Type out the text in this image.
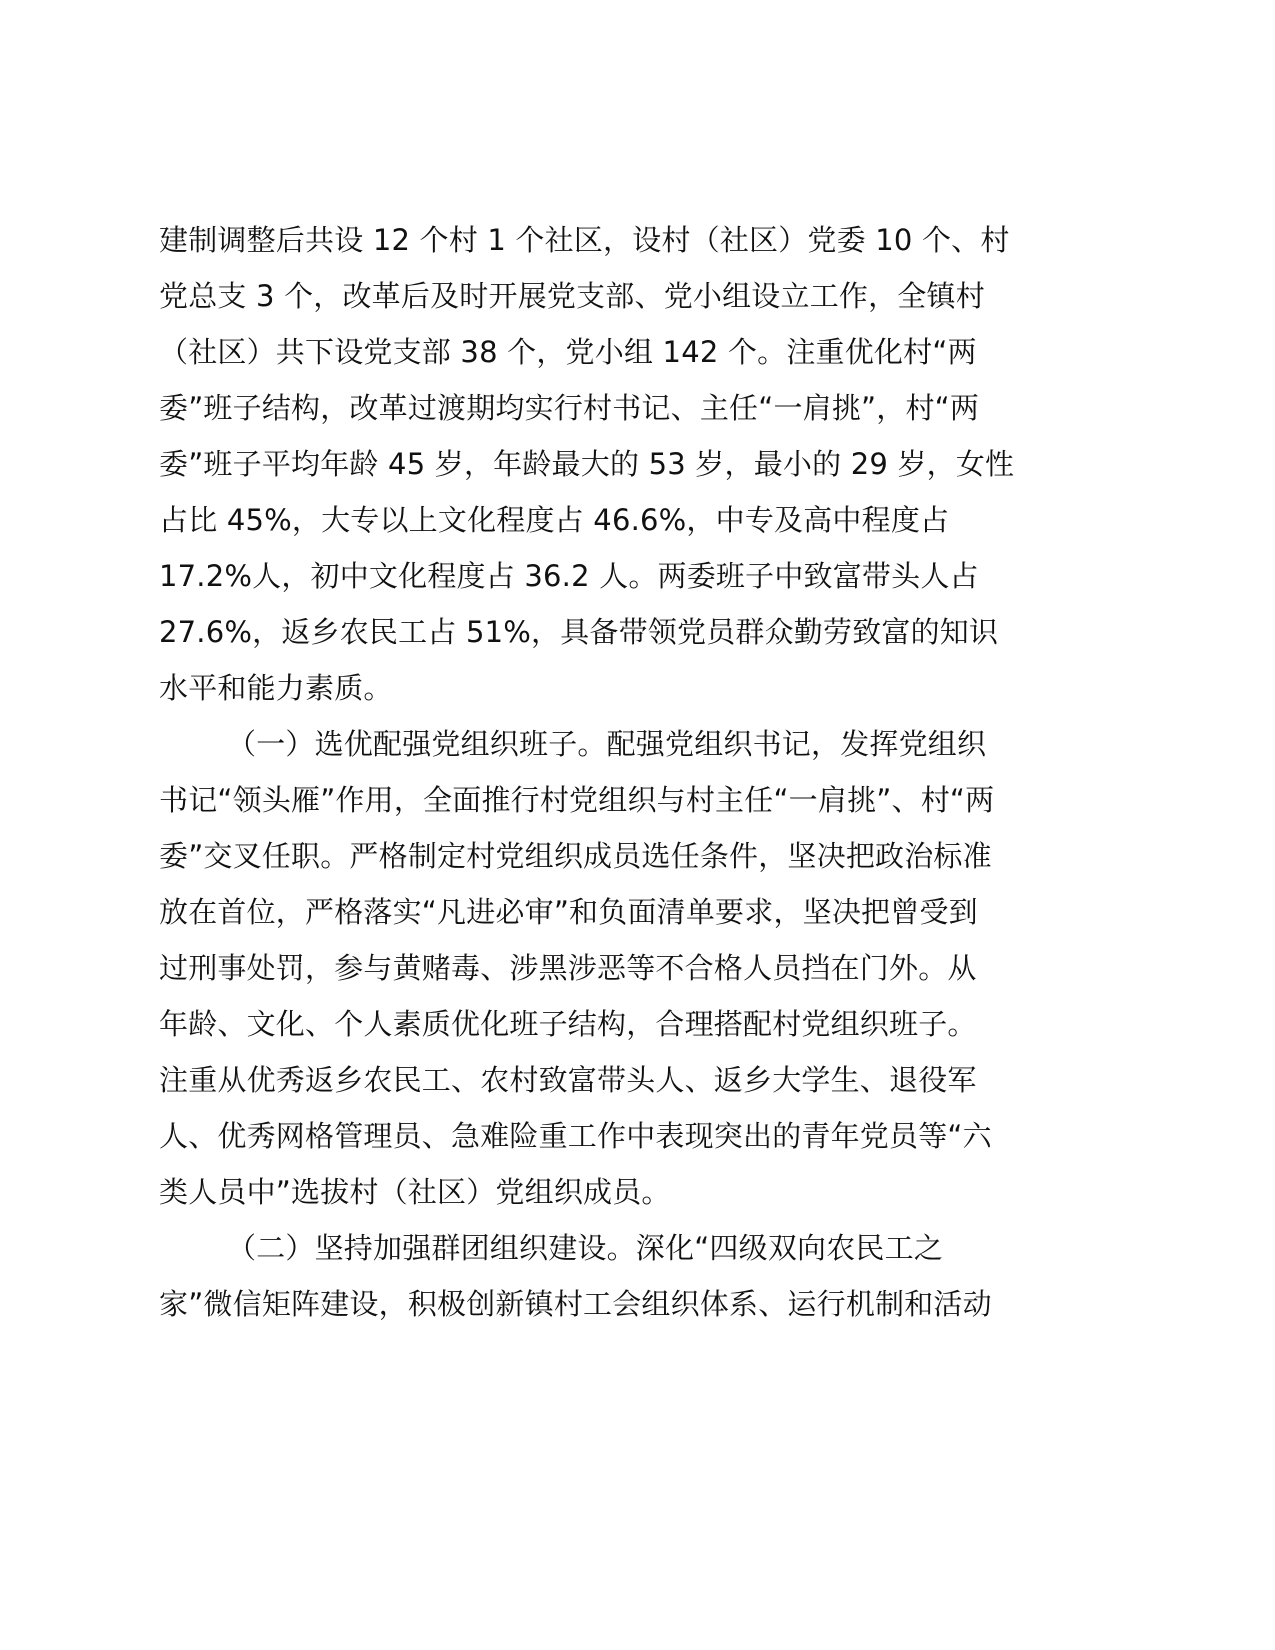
建制调整后共设 12 个村 1 个社区，设村（社区）党委 10 个、村
党总支 3 个，改革后及时开展党支部、党小组设立工作，全镇村
（社区）共下设党支部 38 个，党小组 142 个。注重优化村“两
委”班子结构，改革过渡期均实行村书记、主任“一肩挑”，村“两
委”班子平均年龄 45 岁，年龄最大的 53 岁，最小的 29 岁，女性
占比 45%，大专以上文化程度占 46.6%，中专及高中程度占
17.2%人，初中文化程度占 36.2 人。两委班子中致富带头人占
27.6%，返乡农民工占 51%，具备带领党员群众勤劳致富的知识
水平和能力素质。
（一）选优配强党组织班子。配强党组织书记，发挥党组织
书记“领头雁”作用，全面推行村党组织与村主任“一肩挑”、村“两
委”交叉任职。严格制定村党组织成员选任条件，坚决把政治标准
放在首位，严格落实“凡进必审”和负面清单要求，坚决把曾受到
过刑事处罚，参与黄赌毒、涉黑涉恶等不合格人员挡在门外。从
年龄、文化、个人素质优化班子结构，合理搭配村党组织班子。
注重从优秀返乡农民工、农村致富带头人、返乡大学生、退役军
人、优秀网格管理员、急难险重工作中表现突出的青年党员等“六
类人员中”选拔村（社区）党组织成员。
（二）坚持加强群团组织建设。深化“四级双向农民工之
家”微信矩阵建设，积极创新镇村工会组织体系、运行机制和活动
